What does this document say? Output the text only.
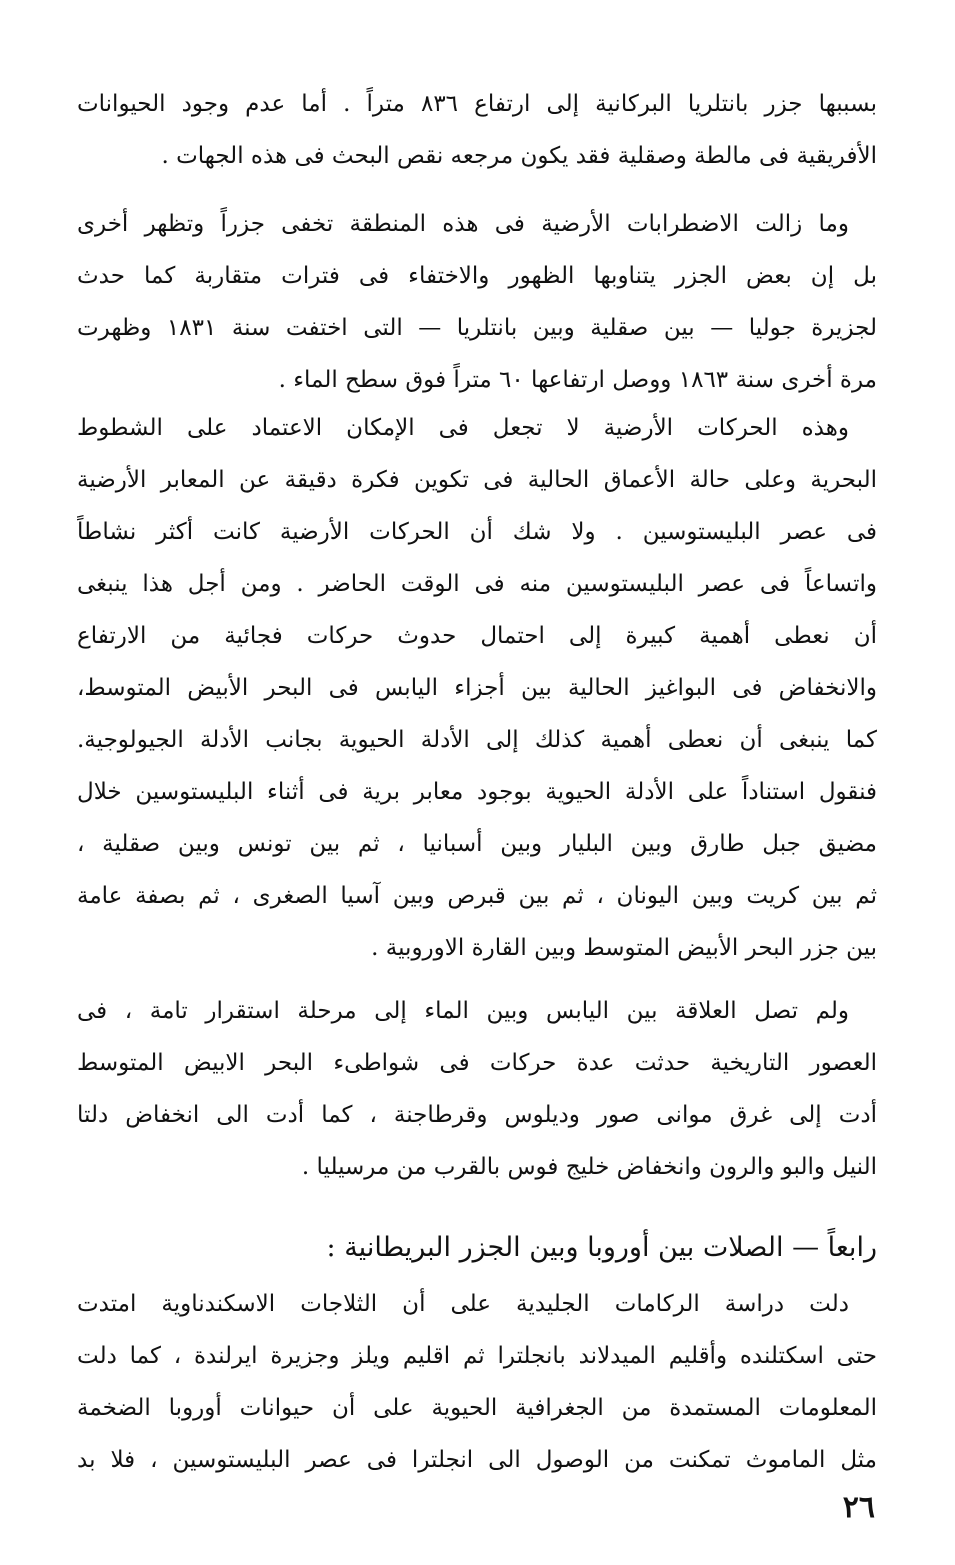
بسببها جزر بانتلريا البركانية إلى ارتفاع ٨٣٦ متراً . أما عدم وجود الحيوانات
الأفريقية فى مالطة وصقلية فقد يكون مرجعه نقص البحث فى هذه الجهات .
وما زالت الاضطرابات الأرضية فى هذه المنطقة تخفى جزراً وتظهر أخرى
بل إن بعض الجزر يتناوبها الظهور والاختفاء فى فترات متقاربة كما حدث
لجزيرة جوليا — بين صقلية وبين بانتلريا — التى اختفت سنة ١٨٣١ وظهرت
مرة أخرى سنة ١٨٦٣ ووصل ارتفاعها ٦٠ متراً فوق سطح الماء .
وهذه الحركات الأرضية لا تجعل فى الإمكان الاعتماد على الشطوط
البحرية وعلى حالة الأعماق الحالية فى تكوين فكرة دقيقة عن المعابر الأرضية
فى عصر البليستوسين . ولا شك أن الحركات الأرضية كانت أكثر نشاطاً
واتساعاً فى عصر البليستوسين منه فى الوقت الحاضر . ومن أجل هذا ينبغى
أن نعطى أهمية كبيرة إلى احتمال حدوث حركات فجائية من الارتفاع
والانخفاض فى البواغيز الحالية بين أجزاء اليابس فى البحر الأبيض المتوسط،
كما ينبغى أن نعطى أهمية كذلك إلى الأدلة الحيوية بجانب الأدلة الجيولوجية.
فنقول استناداً على الأدلة الحيوية بوجود معابر برية فى أثناء البليستوسين خلال
مضيق جبل طارق وبين البليار وبين أسبانيا ، ثم بين تونس وبين صقلية ،
ثم بين كريت وبين اليونان ، ثم بين قبرص وبين آسيا الصغرى ، ثم بصفة عامة
بين جزر البحر الأبيض المتوسط وبين القارة الاوروبية .
ولم تصل العلاقة بين اليابس وبين الماء إلى مرحلة استقرار تامة ، فى
العصور التاريخية حدثت عدة حركات فى شواطىء البحر الابيض المتوسط
أدت إلى غرق موانى صور وديلوس وقرطاجنة ، كما أدت الى انخفاض دلتا
النيل والبو والرون وانخفاض خليج فوس بالقرب من مرسيليا .
رابعاً — الصلات بين أوروبا وبين الجزر البريطانية :
دلت دراسة الركامات الجليدية على أن الثلاجات الاسكندناوية امتدت
حتى اسكتلنده وأقليم الميدلاند بانجلترا ثم اقليم ويلز وجزيرة ايرلندة ، كما دلت
المعلومات المستمدة من الجغرافية الحيوية على أن حيوانات أوروبا الضخمة
مثل الماموث تمكنت من الوصول الى انجلترا فى عصر البليستوسين ، فلا بد
٢٦
